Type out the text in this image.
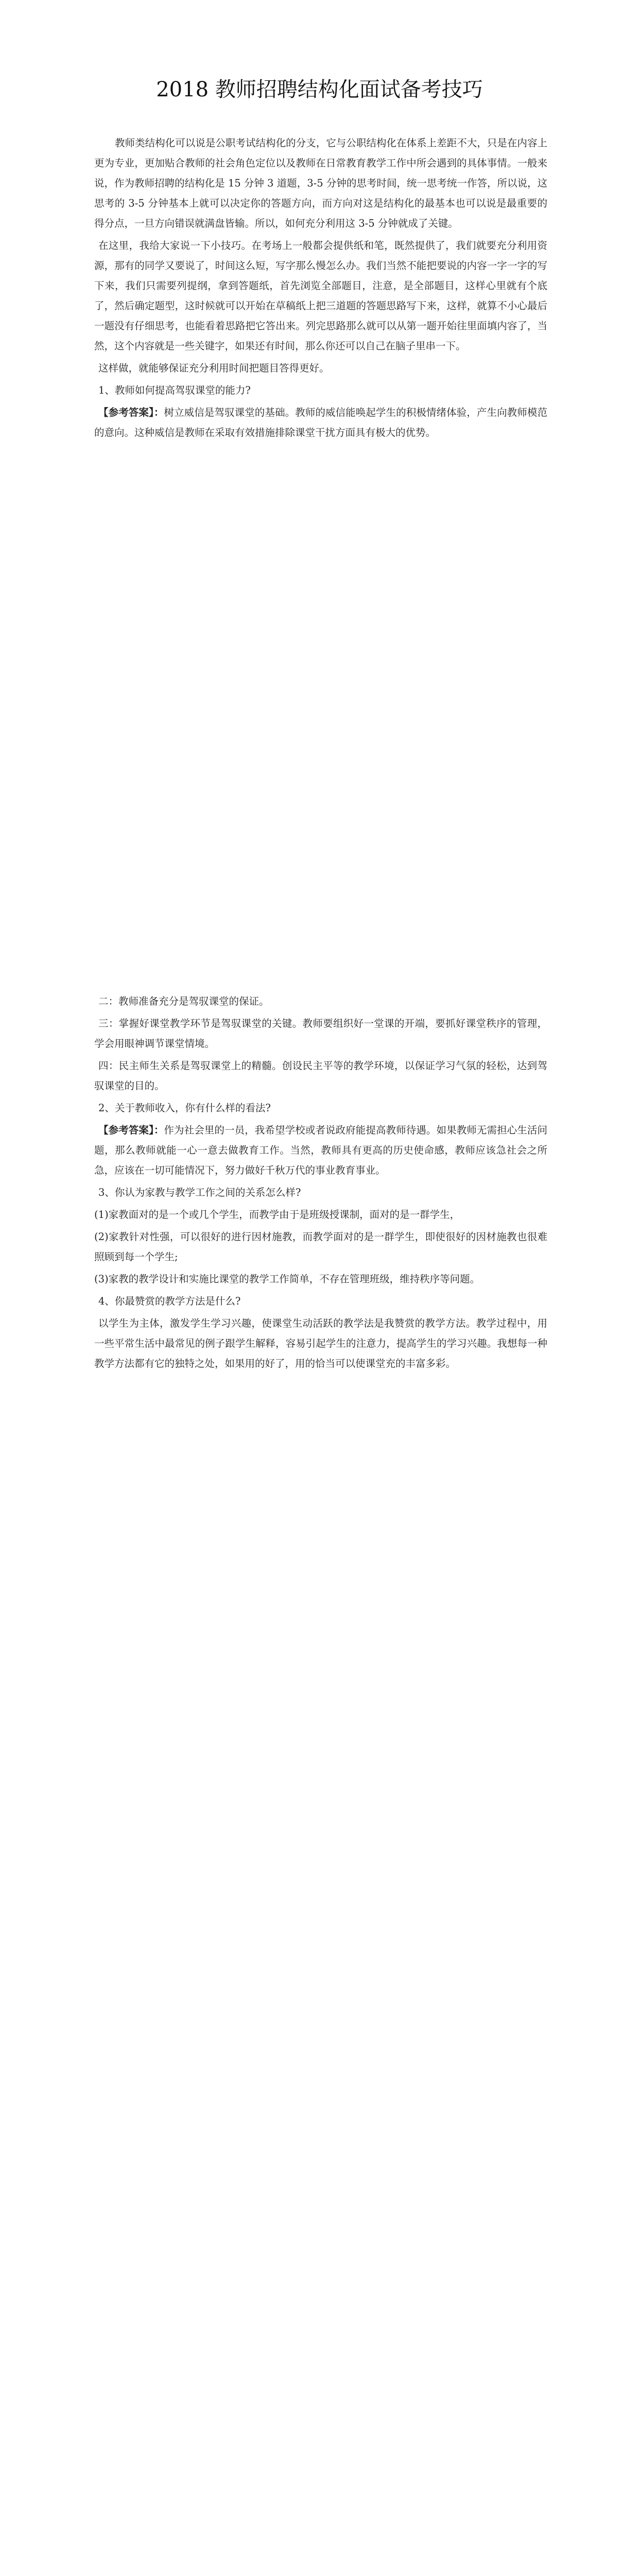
2018 教师招聘结构化面试备考技巧

教师类结构化可以说是公职考试结构化的分支，它与公职结构化在体系上差距不大，只是在内容上更为专业，更加贴合教师的社会角色定位以及教师在日常教育教学工作中所会遇到的具体事情。一般来说，作为教师招聘的结构化是 15 分钟 3 道题，3-5 分钟的思考时间，统一思考统一作答，所以说，这思考的 3-5 分钟基本上就可以决定你的答题方向，而方向对这是结构化的最基本也可以说是最重要的得分点，一旦方向错误就满盘皆输。所以，如何充分利用这 3-5 分钟就成了关键。

在这里，我给大家说一下小技巧。在考场上一般都会提供纸和笔，既然提供了，我们就要充分利用资源，那有的同学又要说了，时间这么短，写字那么慢怎么办。我们当然不能把要说的内容一字一字的写下来，我们只需要列提纲，拿到答题纸，首先浏览全部题目，注意，是全部题目，这样心里就有个底了，然后确定题型，这时候就可以开始在草稿纸上把三道题的答题思路写下来，这样，就算不小心最后一题没有仔细思考，也能看着思路把它答出来。列完思路那么就可以从第一题开始往里面填内容了，当然，这个内容就是一些关键字，如果还有时间，那么你还可以自己在脑子里串一下。

这样做，就能够保证充分利用时间把题目答得更好。

1、教师如何提高驾驭课堂的能力?

【参考答案】：树立威信是驾驭课堂的基础。教师的威信能唤起学生的积极情绪体验，产生向教师模范的意向。这种威信是教师在采取有效措施排除课堂干扰方面具有极大的优势。

二：教师准备充分是驾驭课堂的保证。

三：掌握好课堂教学环节是驾驭课堂的关键。教师要组织好一堂课的开端，要抓好课堂秩序的管理，学会用眼神调节课堂情境。

四：民主师生关系是驾驭课堂上的精髓。创设民主平等的教学环境，以保证学习气氛的轻松，达到驾驭课堂的目的。

2、关于教师收入，你有什么样的看法?

【参考答案】：作为社会里的一员，我希望学校或者说政府能提高教师待遇。如果教师无需担心生活问题，那么教师就能一心一意去做教育工作。当然，教师具有更高的历史使命感，教师应该急社会之所急，应该在一切可能情况下，努力做好千秋万代的事业教育事业。

3、你认为家教与教学工作之间的关系怎么样?

(1)家教面对的是一个或几个学生，而教学由于是班级授课制，面对的是一群学生，

(2)家教针对性强，可以很好的进行因材施教，而教学面对的是一群学生，即使很好的因材施教也很难照顾到每一个学生;

(3)家教的教学设计和实施比课堂的教学工作简单，不存在管理班级，维持秩序等问题。

4、你最赞赏的教学方法是什么?

以学生为主体，激发学生学习兴趣，使课堂生动活跃的教学法是我赞赏的教学方法。教学过程中，用一些平常生活中最常见的例子跟学生解释，容易引起学生的注意力，提高学生的学习兴趣。我想每一种教学方法都有它的独特之处，如果用的好了，用的恰当可以使课堂充的丰富多彩。
